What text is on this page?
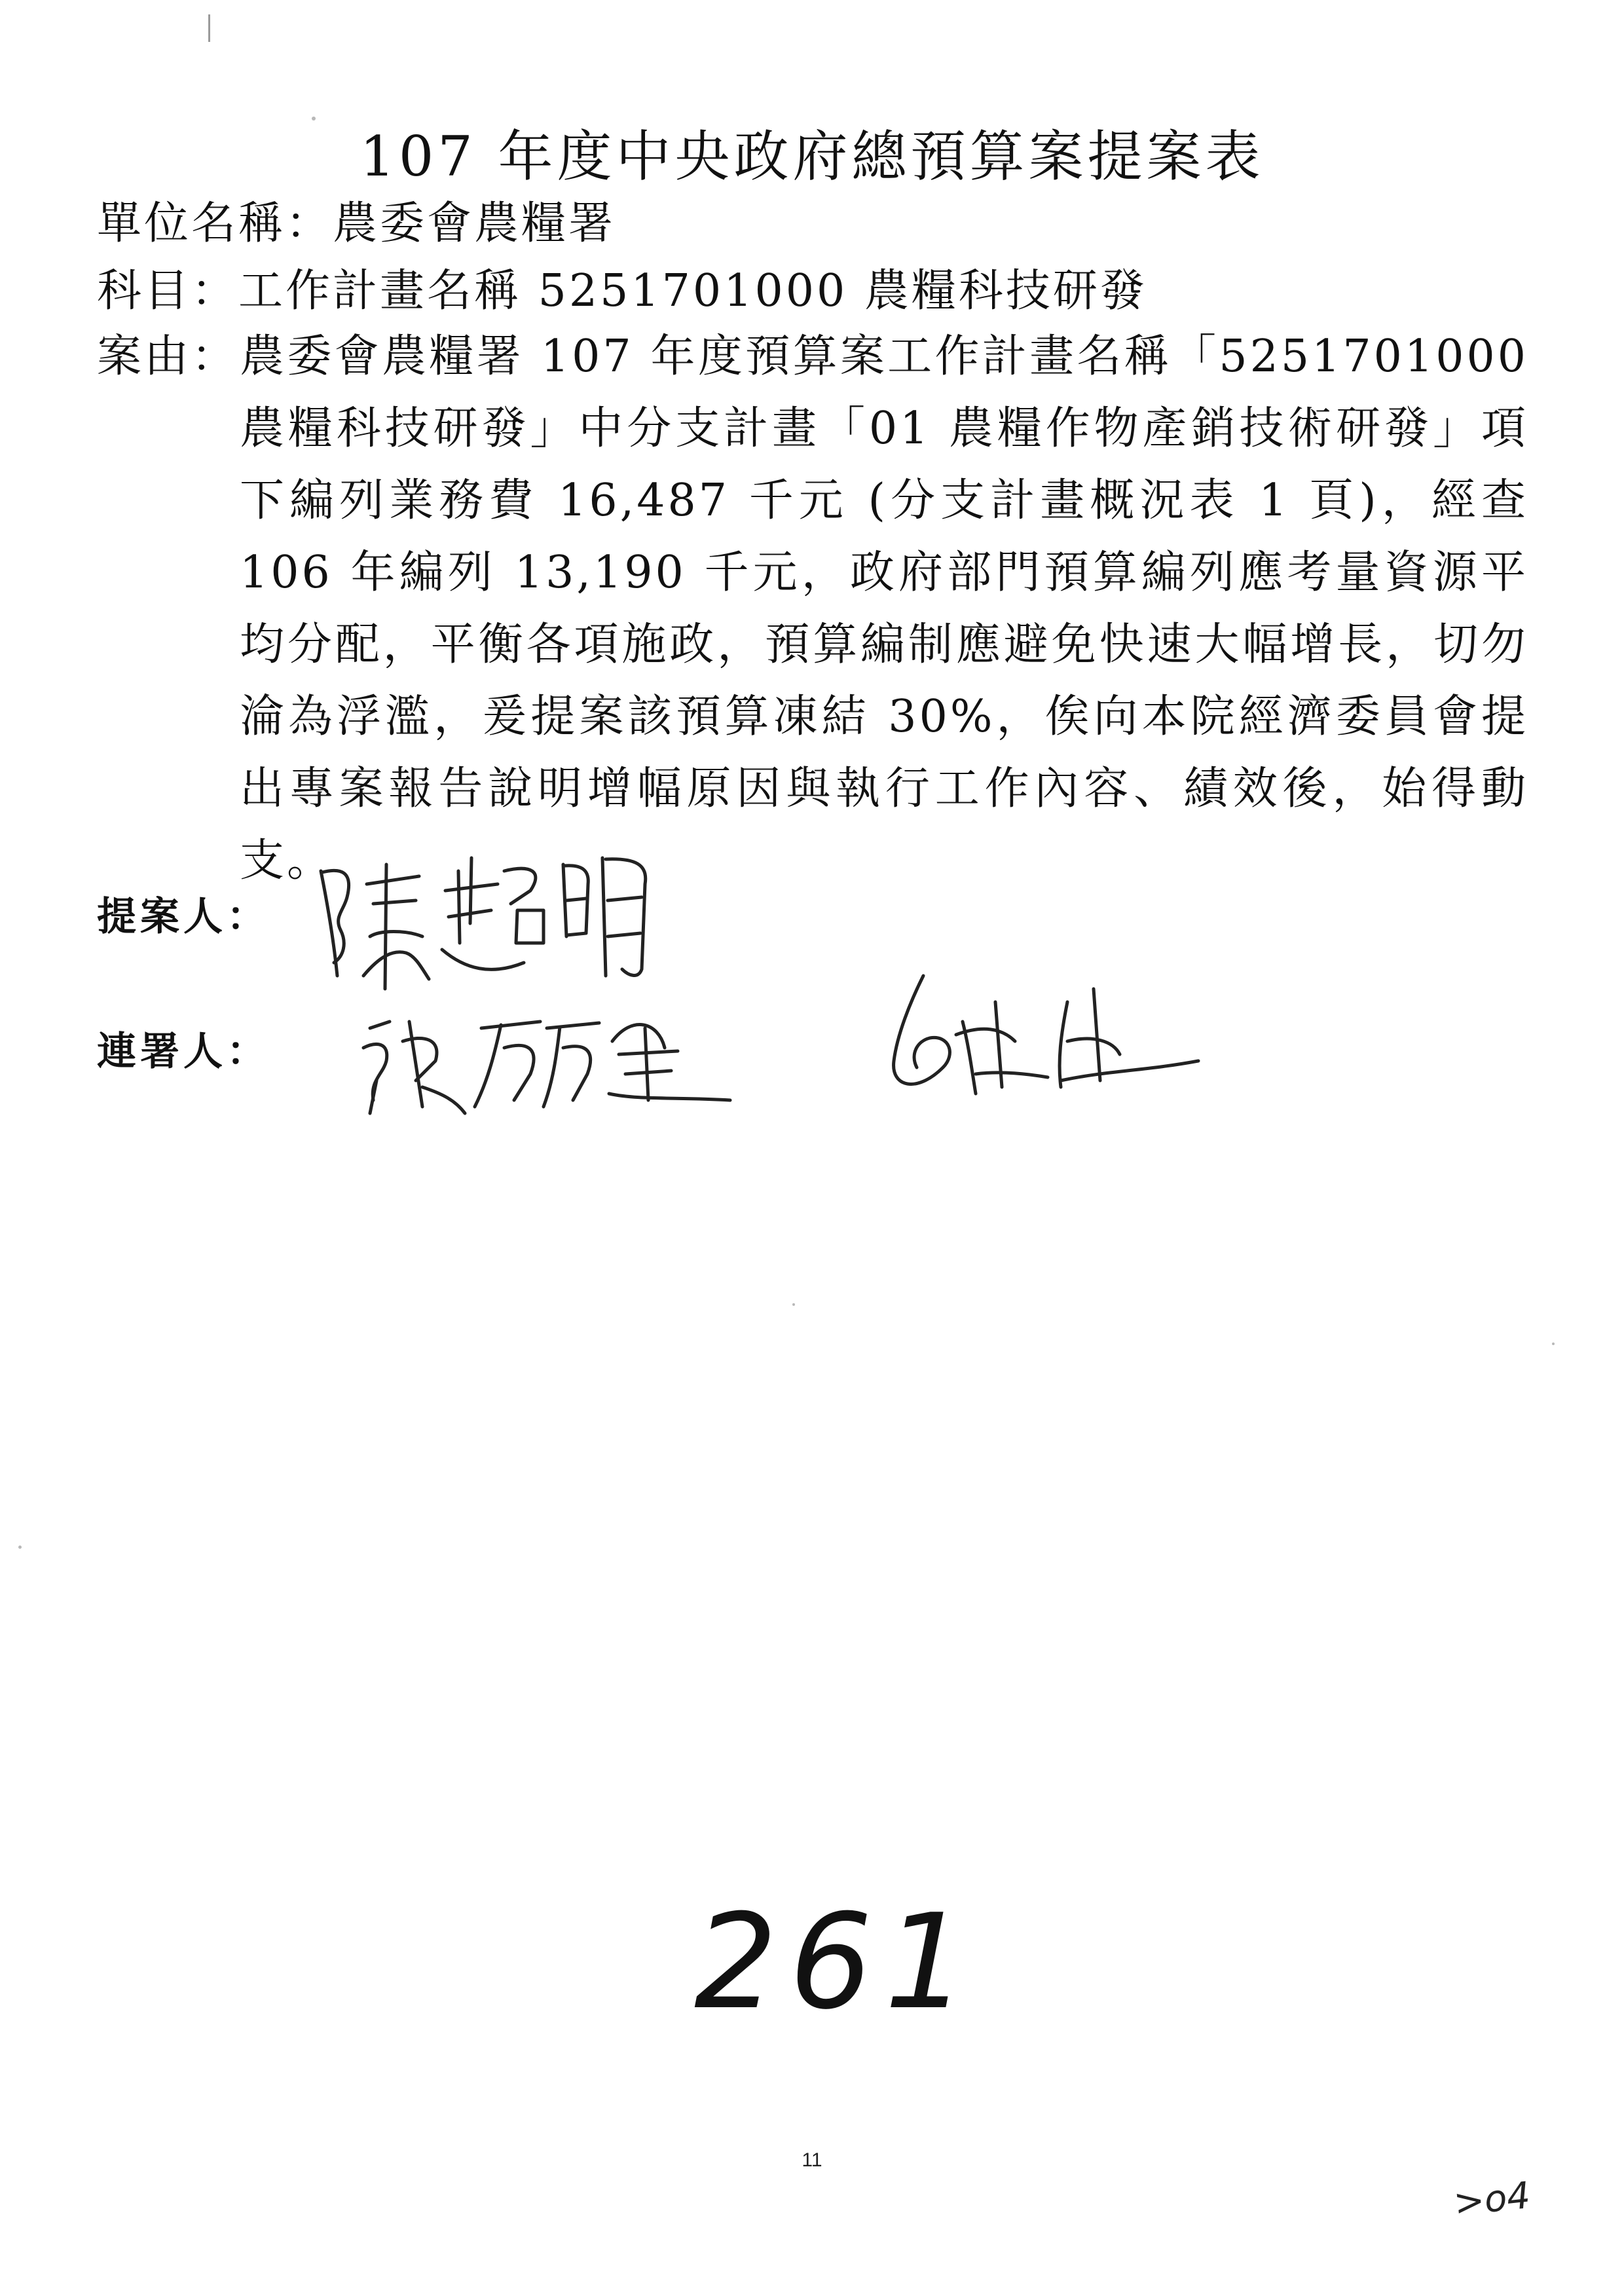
107 年度中央政府總預算案提案表
單位名稱：農委會農糧署
科目：工作計畫名稱 5251701000 農糧科技研發
案由： 農委會農糧署 107 年度預算案工作計畫名稱「5251701000 農糧科技研發」中分支計畫「01 農糧作物產銷技術研發」項下編列業務費 16,487 千元 (分支計畫概況表 1 頁)，經查 106 年編列 13,190 千元，政府部門預算編列應考量資源平均分配，平衡各項施政，預算編制應避免快速大幅增長，切勿淪為浮濫，爰提案該預算凍結 30%，俟向本院經濟委員會提出專案報告說明增幅原因與執行工作內容、績效後，始得動支。
提案人：
連署人：
261
11
>o4
